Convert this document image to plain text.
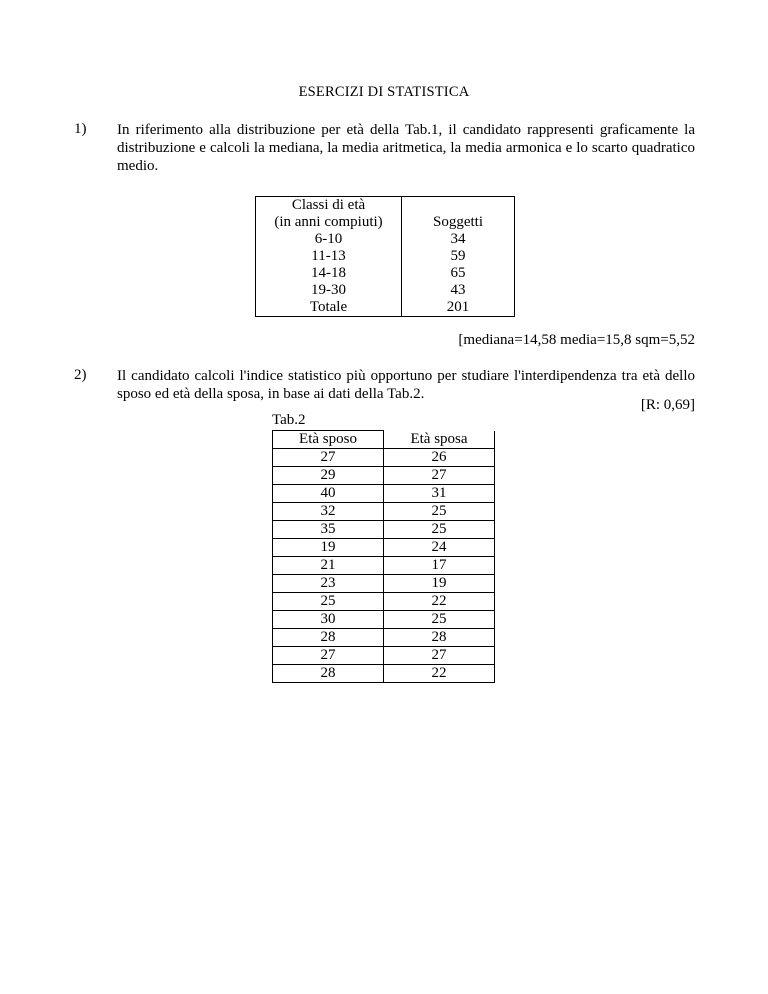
ESERCIZI DI STATISTICA
1) In riferimento alla distribuzione per età della Tab.1, il candidato rappresenti graficamente la distribuzione e calcoli la mediana, la media aritmetica, la media armonica e lo scarto quadratico medio.
Classi di età
(in anni compiuti)	Soggetti
6-10	34
11-13	59
14-18	65
19-30	43
Totale	201
[mediana=14,58 media=15,8 sqm=5,52
2) Il candidato calcoli l'indice statistico più opportuno per studiare l'interdipendenza tra età dello sposo ed età della sposa, in base ai dati della Tab.2.
[R: 0,69]
Tab.2
Età sposo	Età sposa
27	26
29	27
40	31
32	25
35	25
19	24
21	17
23	19
25	22
30	25
28	28
27	27
28	22
